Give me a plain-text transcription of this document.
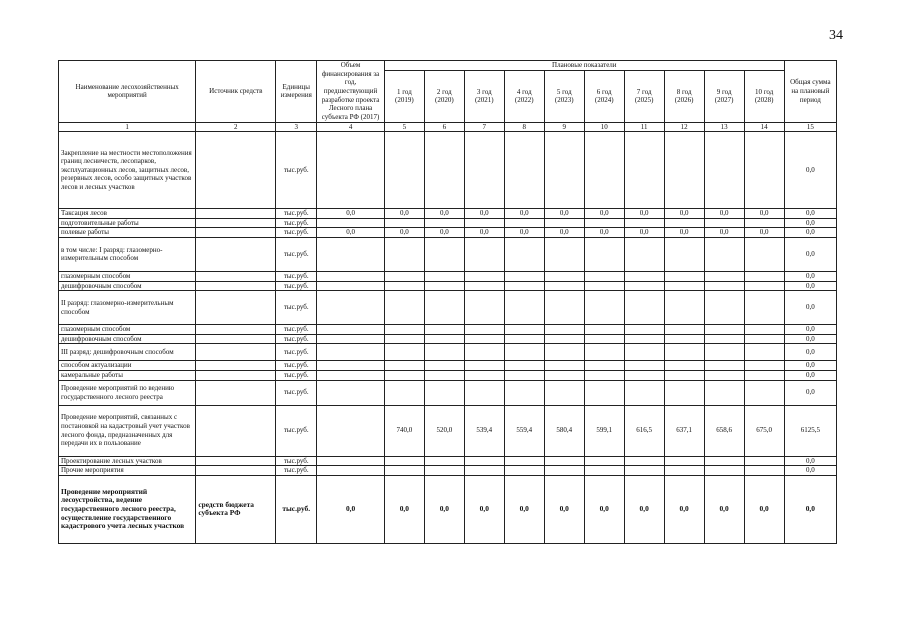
34
Наименование лесохозяйственных мероприятий	Источник средств	Единицы измерения	Объем финансирования за год, предшествующий разработке проекта Лесного плана субъекта РФ (2017)	Плановые показатели										Общая сумма на плановый период
				1 год (2019)	2 год (2020)	3 год (2021)	4 год (2022)	5 год (2023)	6 год (2024)	7 год (2025)	8 год (2026)	9 год (2027)	10 год (2028)	
1	2	3	4	5	6	7	8	9	10	11	12	13	14	15
Закрепление на местности местоположения границ лесничеств, лесопарков, эксплуатационных лесов, защитных лесов, резервных лесов, особо защитных участков лесов и лесных участков		тыс.руб.												0,0
Таксация лесов		тыс.руб.	0,0	0,0	0,0	0,0	0,0	0,0	0,0	0,0	0,0	0,0	0,0	0,0
подготовительные работы		тыс.руб.												0,0
полевые работы		тыс.руб.	0,0	0,0	0,0	0,0	0,0	0,0	0,0	0,0	0,0	0,0	0,0	0,0
в том числе: I разряд: глазомерно-измерительным способом		тыс.руб.												0,0
глазомерным способом		тыс.руб.												0,0
дешифровочным способом		тыс.руб.												0,0
II разряд: глазомерно-измерительным способом		тыс.руб.												0,0
глазомерным способом		тыс.руб.												0,0
дешифровочным способом		тыс.руб.												0,0
III разряд: дешифровочным способом		тыс.руб.												0,0
способом актуализации		тыс.руб.												0,0
камеральные работы		тыс.руб.												0,0
Проведение мероприятий по ведению государственного лесного реестра		тыс.руб.												0,0
Проведение мероприятий, связанных с постановкой на кадастровый учет участков лесного фонда, предназначенных для передачи их в пользование		тыс.руб.		740,0	520,0	539,4	559,4	580,4	599,1	616,5	637,1	658,6	675,0	6125,5
Проектирование лесных участков		тыс.руб.												0,0
Прочие мероприятия		тыс.руб.												0,0
Проведение мероприятий лесоустройства, ведение государственного лесного реестра, осуществление государственного кадастрового учета лесных участков	средств бюджета субъекта РФ	тыс.руб.	0,0	0,0	0,0	0,0	0,0	0,0	0,0	0,0	0,0	0,0	0,0	0,0
